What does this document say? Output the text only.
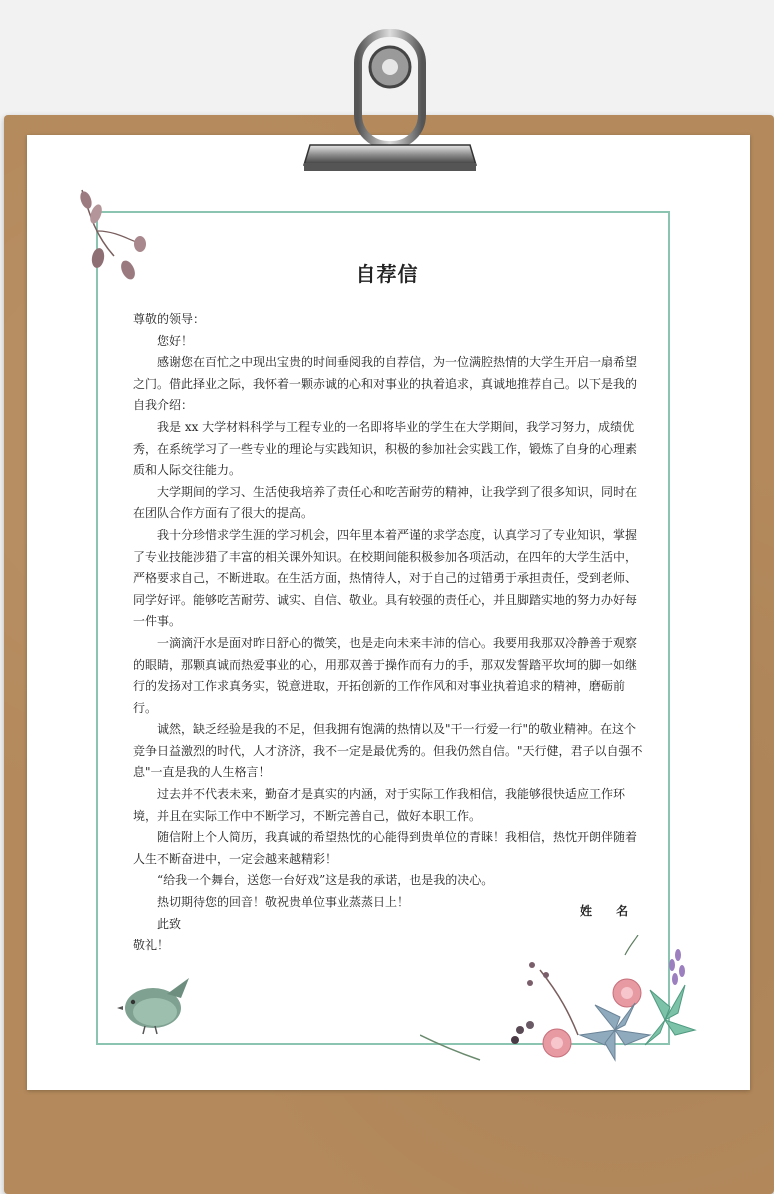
自荐信

尊敬的领导：

您好！

感谢您在百忙之中现出宝贵的时间垂阅我的自荐信，为一位满腔热情的大学生开启一扇希望之门。借此择业之际，我怀着一颗赤诚的心和对事业的执着追求，真诚地推荐自己。以下是我的自我介绍：

我是 xx 大学材料科学与工程专业的一名即将毕业的学生在大学期间，我学习努力，成绩优秀，在系统学习了一些专业的理论与实践知识，积极的参加社会实践工作，锻炼了自身的心理素质和人际交往能力。

大学期间的学习、生活使我培养了责任心和吃苦耐劳的精神，让我学到了很多知识，同时在在团队合作方面有了很大的提高。

我十分珍惜求学生涯的学习机会，四年里本着严谨的求学态度，认真学习了专业知识，掌握了专业技能涉猎了丰富的相关课外知识。在校期间能积极参加各项活动，在四年的大学生活中，严格要求自己，不断进取。在生活方面，热情待人，对于自己的过错勇于承担责任，受到老师、同学好评。能够吃苦耐劳、诚实、自信、敬业。具有较强的责任心，并且脚踏实地的努力办好每一件事。

一滴滴汗水是面对昨日舒心的微笑，也是走向未来丰沛的信心。我要用我那双冷静善于观察的眼睛，那颗真诚而热爱事业的心，用那双善于操作而有力的手，那双发誓踏平坎坷的脚一如继行的发扬对工作求真务实，锐意进取，开拓创新的工作作风和对事业执着追求的精神，磨砺前行。

诚然，缺乏经验是我的不足，但我拥有饱满的热情以及"干一行爱一行"的敬业精神。在这个竞争日益激烈的时代，人才济济，我不一定是最优秀的。但我仍然自信。"天行健，君子以自强不息"一直是我的人生格言！

过去并不代表未来，勤奋才是真实的内涵，对于实际工作我相信，我能够很快适应工作环境，并且在实际工作中不断学习，不断完善自己，做好本职工作。

随信附上个人简历，我真诚的希望热忱的心能得到贵单位的青睐！我相信，热忱开朗伴随着人生不断奋进中，一定会越来越精彩！

“给我一个舞台，送您一台好戏”这是我的承诺，也是我的决心。

热切期待您的回音！敬祝贵单位事业蒸蒸日上！

此致

敬礼！

姓 名
